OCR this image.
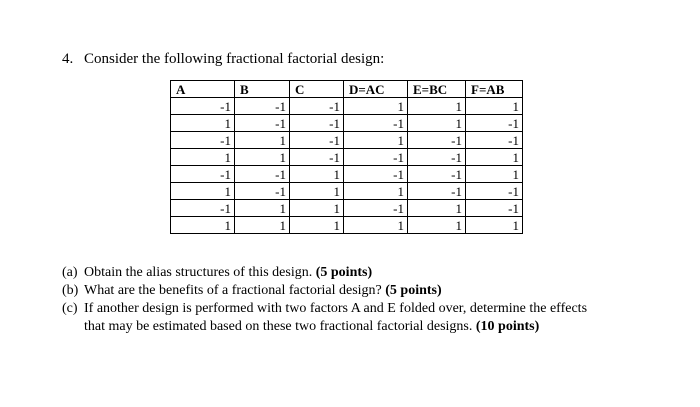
4. Consider the following fractional factorial design:
A	B	C	D=AC	E=BC	F=AB
-1	-1	-1	1	1	1
1	-1	-1	-1	1	-1
-1	1	-1	1	-1	-1
1	1	-1	-1	-1	1
-1	-1	1	-1	-1	1
1	-1	1	1	-1	-1
-1	1	1	-1	1	-1
1	1	1	1	1	1
(a) Obtain the alias structures of this design. (5 points)
(b) What are the benefits of a fractional factorial design? (5 points)
(c) If another design is performed with two factors A and E folded over, determine the effects
that may be estimated based on these two fractional factorial designs. (10 points)
